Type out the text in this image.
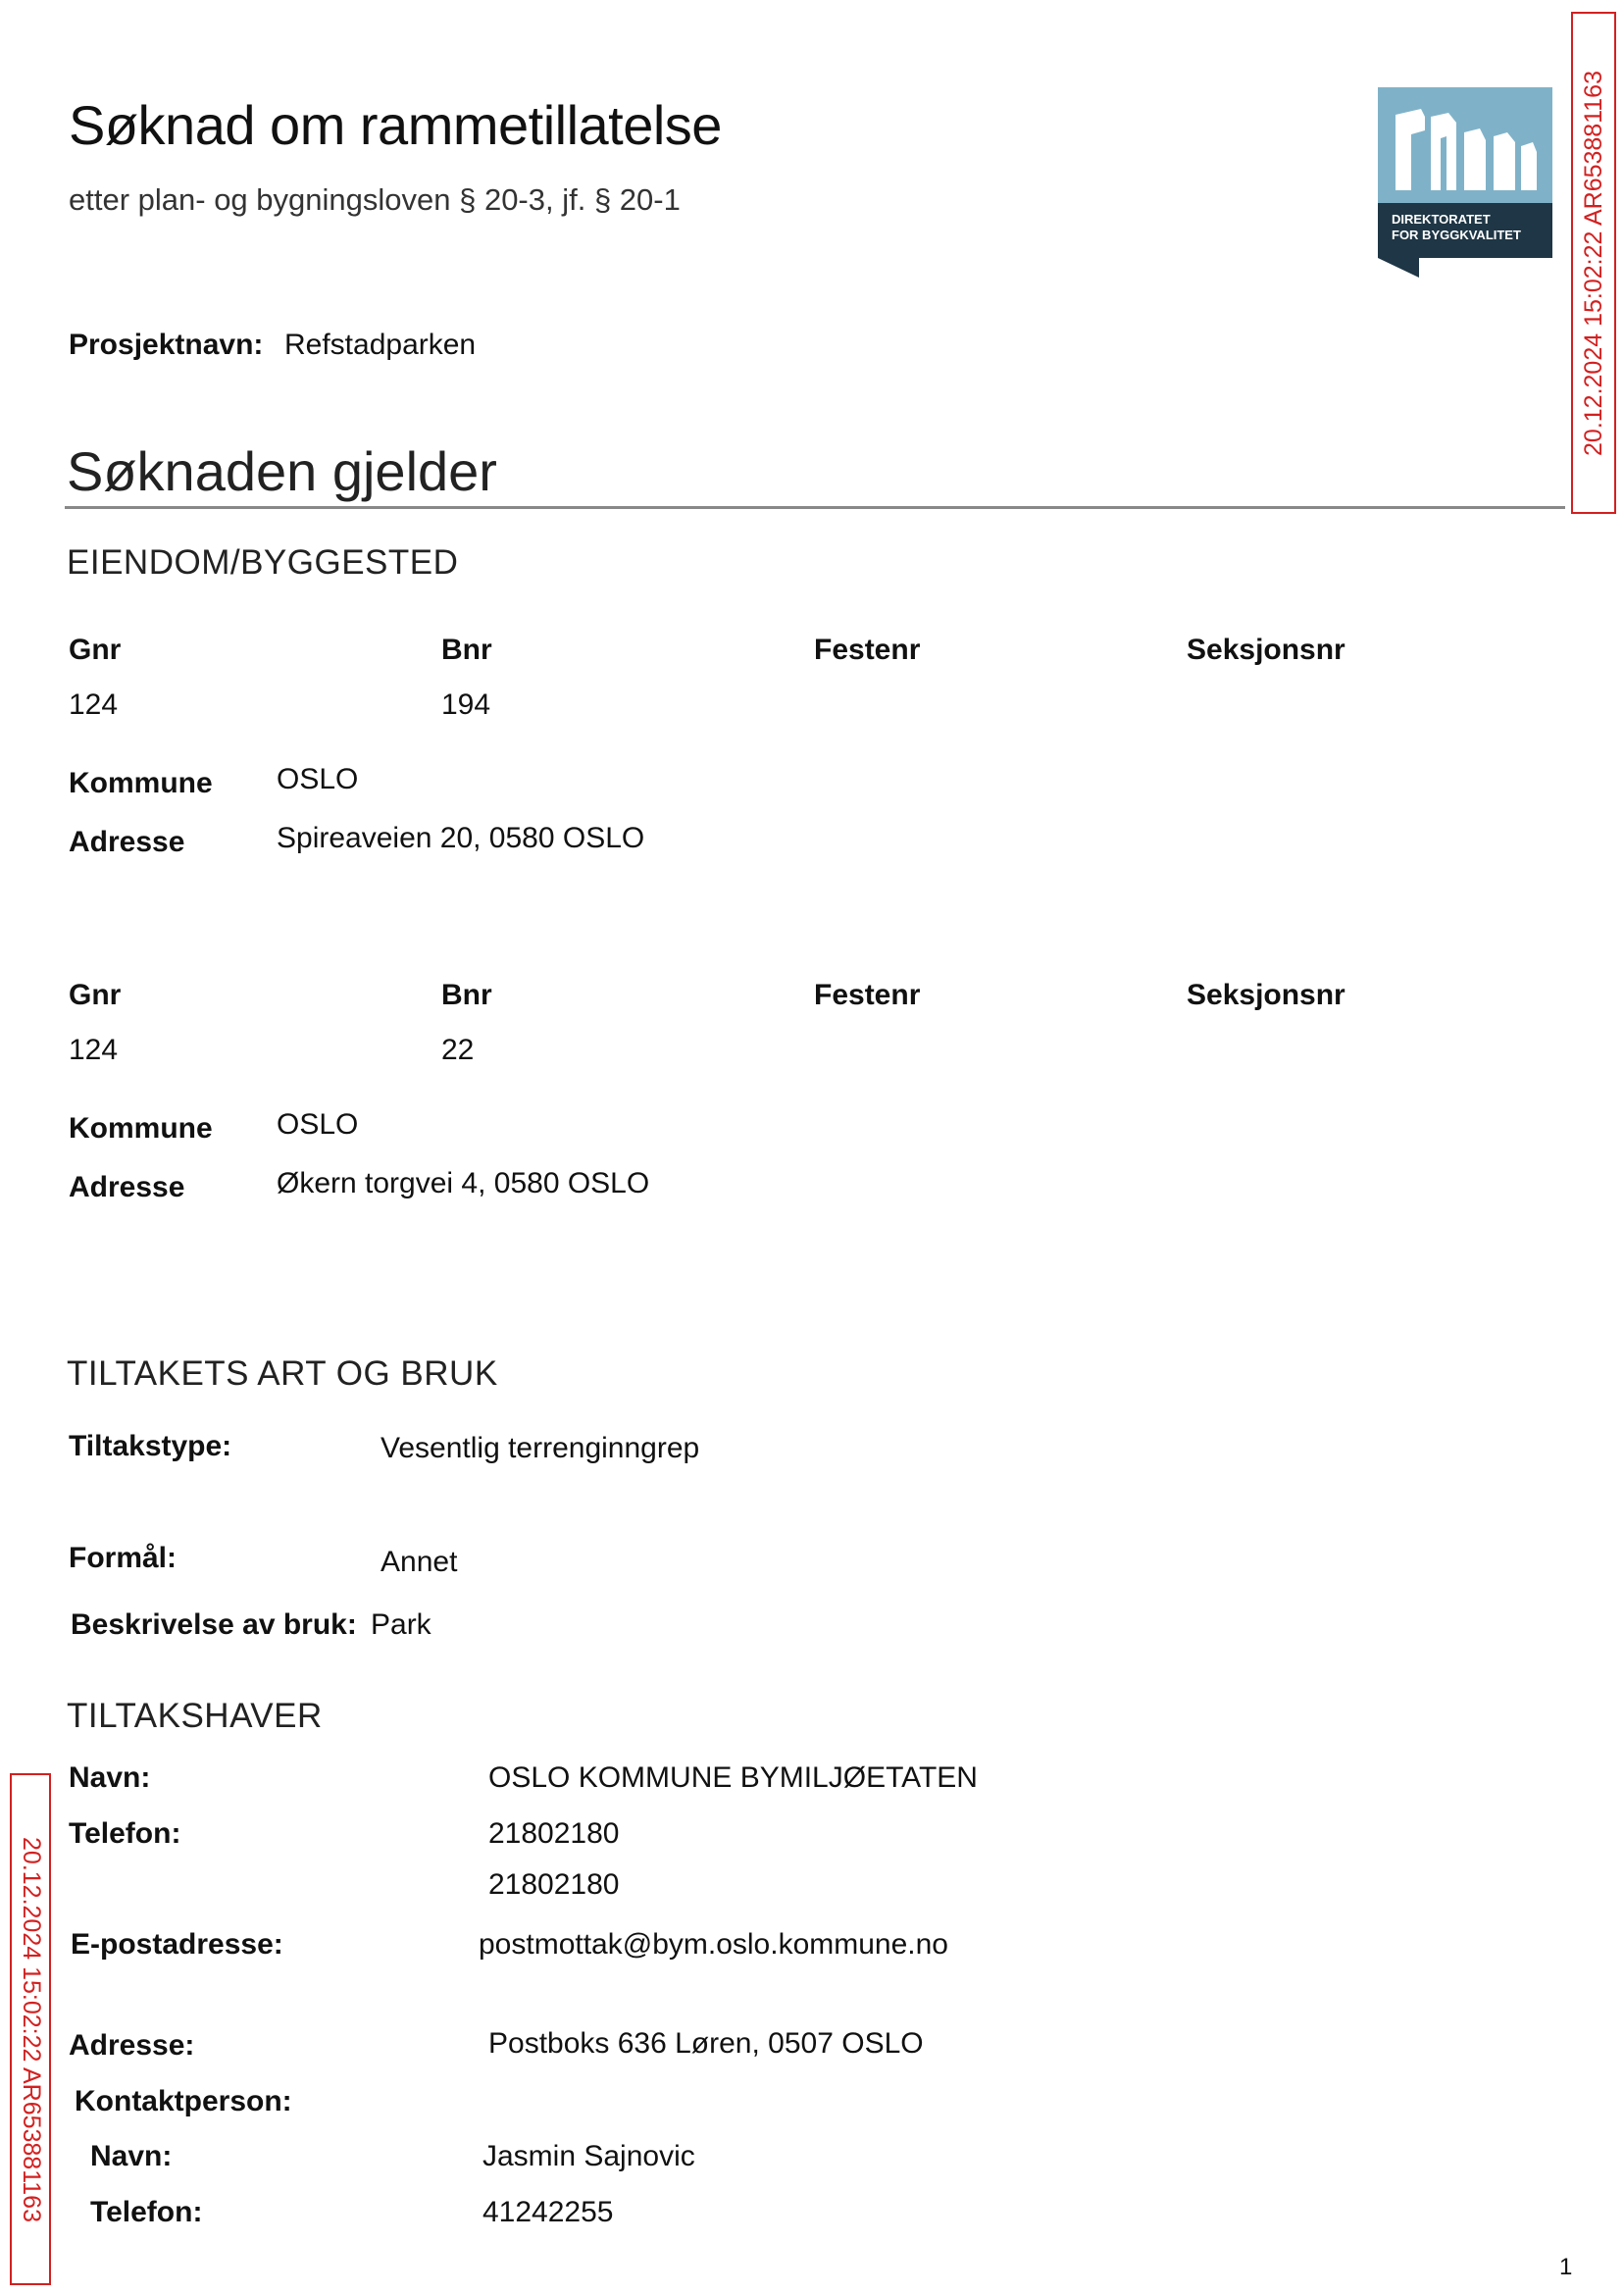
Søknad om rammetillatelse
etter plan- og bygningsloven § 20-3, jf. § 20-1
DIREKTORATET
FOR BYGGKVALITET 20.12.2024 15:02:22 AR653881163
20.12.2024 15:02:22 AR653881163
Prosjektnavn: Refstadparken
Søknaden gjelder
EIENDOM/BYGGESTED
Gnr	Bnr	Festenr	Seksjonsnr
124	194
Kommune OSLO
Adresse	Spireaveien 20, 0580 OSLO
Gnr	Bnr	Festenr	Seksjonsnr
124	22
Kommune OSLO
Adresse	Økern torgvei 4, 0580 OSLO
TILTAKETS ART OG BRUK
Tiltakstype:	Vesentlig terrenginngrep
Formål:	Annet
Beskrivelse av bruk: Park
TILTAKSHAVER
Navn:	OSLO KOMMUNE BYMILJØETATEN
Telefon:	21802180
21802180
E-postadresse:	postmottak@bym.oslo.kommune.no
Adresse:	Postboks 636 Løren, 0507 OSLO
Kontaktperson:
Navn:	Jasmin Sajnovic
Telefon:	41242255
1
